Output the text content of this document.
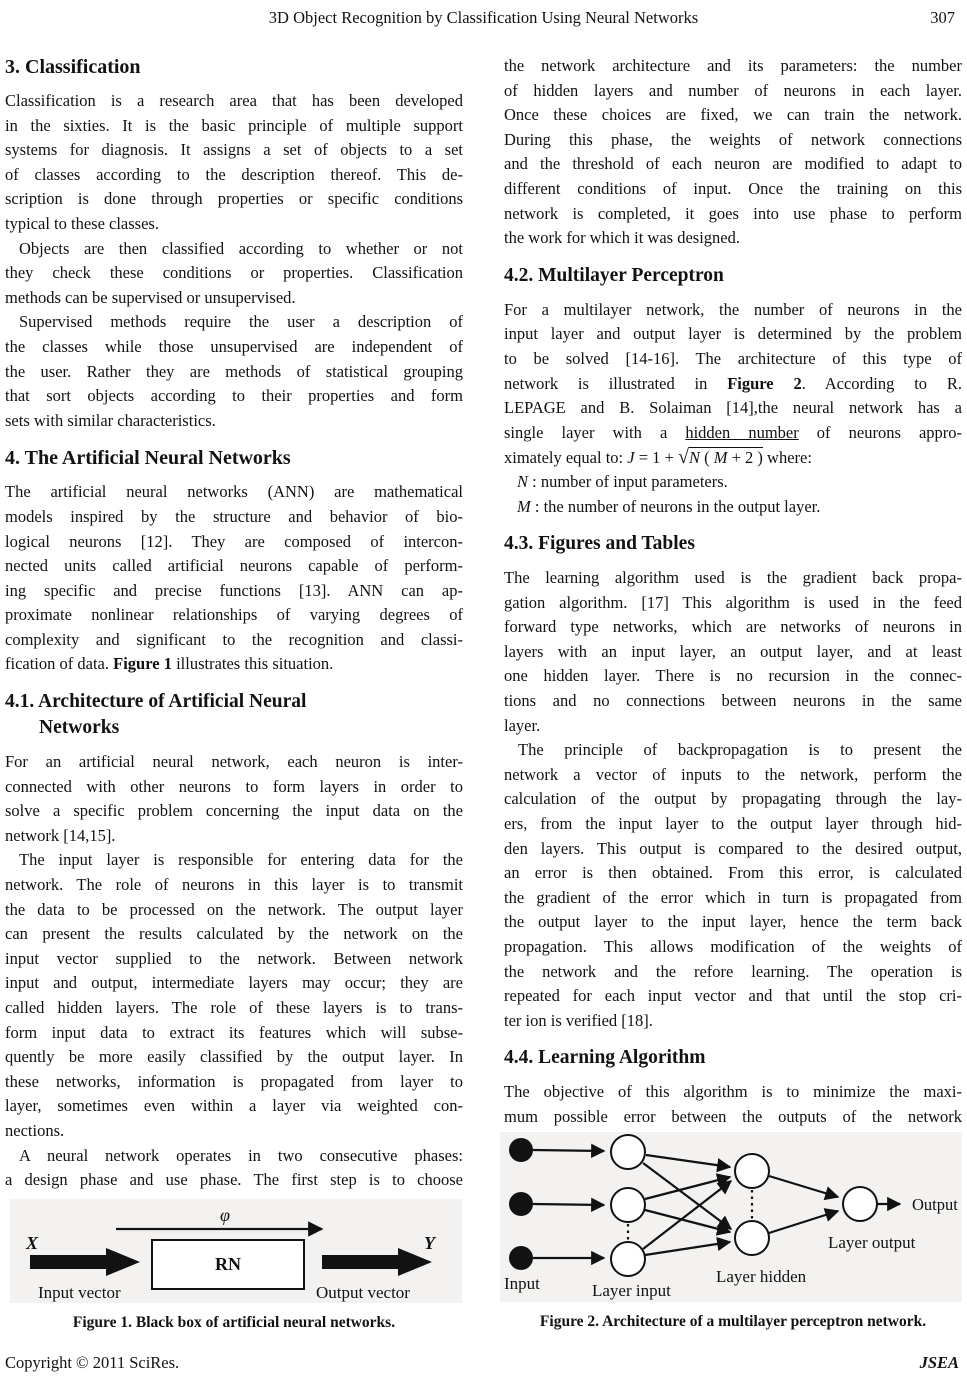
3D Object Recognition by Classification Using Neural Networks	307
3. Classification
Classification is a research area that has been developed
in the sixties. It is the basic principle of multiple support
systems for diagnosis. It assigns a set of objects to a set
of classes according to the description thereof. This de-
scription is done through properties or specific conditions
typical to these classes.
Objects are then classified according to whether or not
they check these conditions or properties. Classification
methods can be supervised or unsupervised.
Supervised methods require the user a description of
the classes while those unsupervised are independent of
the user. Rather they are methods of statistical grouping
that sort objects according to their properties and form
sets with similar characteristics.
4. The Artificial Neural Networks
The artificial neural networks (ANN) are mathematical
models inspired by the structure and behavior of bio-
logical neurons [12]. They are composed of intercon-
nected units called artificial neurons capable of perform-
ing specific and precise functions [13]. ANN can ap-
proximate nonlinear relationships of varying degrees of
complexity and significant to the recognition and classi-
fication of data. Figure 1 illustrates this situation.
4.1. Architecture of Artificial Neural
Networks
For an artificial neural network, each neuron is inter-
connected with other neurons to form layers in order to
solve a specific problem concerning the input data on the
network [14,15].
The input layer is responsible for entering data for the
network. The role of neurons in this layer is to transmit
the data to be processed on the network. The output layer
can present the results calculated by the network on the
input vector supplied to the network. Between network
input and output, intermediate layers may occur; they are
called hidden layers. The role of these layers is to trans-
form input data to extract its features which will subse-
quently be more easily classified by the output layer. In
these networks, information is propagated from layer to
layer, sometimes even within a layer via weighted con-
nections.
A neural network operates in two consecutive phases:
a design phase and use phase. The first step is to choose
φ
X
RN
Y
Input vector	Output vector
Figure 1. Black box of artificial neural networks.
the network architecture and its parameters: the number
of hidden layers and number of neurons in each layer.
Once these choices are fixed, we can train the network.
During this phase, the weights of network connections
and the threshold of each neuron are modified to adapt to
different conditions of input. Once the training on this
network is completed, it goes into use phase to perform
the work for which it was designed.
4.2. Multilayer Perceptron
For a multilayer network, the number of neurons in the
input layer and output layer is determined by the problem
to be solved [14-16]. The architecture of this type of
network is illustrated in Figure 2. According to R.
LEPAGE and B. Solaiman [14],the neural network has a
single layer with a hidden number of neurons appro-
ximately equal to: J = 1 + √N ( M + 2 ) where:
N : number of input parameters.
M : the number of neurons in the output layer.
4.3. Figures and Tables
The learning algorithm used is the gradient back propa-
gation algorithm. [17] This algorithm is used in the feed
forward type networks, which are networks of neurons in
layers with an input layer, an output layer, and at least
one hidden layer. There is no recursion in the connec-
tions and no connections between neurons in the same
layer.
The principle of backpropagation is to present the
network a vector of inputs to the network, perform the
calculation of the output by propagating through the lay-
ers, from the input layer to the output layer through hid-
den layers. This output is compared to the desired output,
an error is then obtained. From this error, is calculated
the gradient of the error which in turn is propagated from
the output layer to the input layer, hence the term back
propagation. This allows modification of the weights of
the network and the refore learning. The operation is
repeated for each input vector and that until the stop cri-
ter ion is verified [18].
4.4. Learning Algorithm
The objective of this algorithm is to minimize the maxi-
mum possible error between the outputs of the network
Output
Input	Layer input
Layer hidden
Layer output
Figure 2. Architecture of a multilayer perceptron network.
Copyright © 2011 SciRes.	JSEA
